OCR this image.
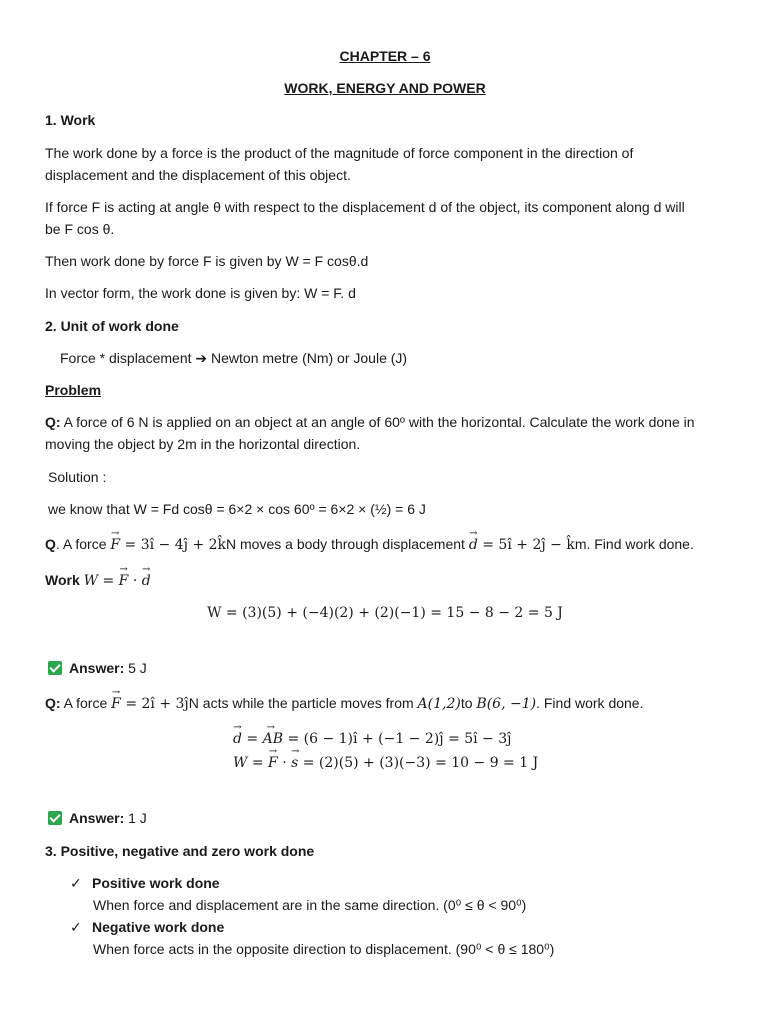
CHAPTER – 6
WORK, ENERGY AND POWER
1. Work
The work done by a force is the product of the magnitude of force component in the direction of
displacement and the displacement of this object.
If force F is acting at angle θ with respect to the displacement d of the object, its component along d will
be F cos θ.
Then work done by force F is given by W = F cosθ.d
In vector form, the work done is given by: W = F. d
2. Unit of work done
Force * displacement ➔ Newton metre (Nm) or Joule (J)
Problem
Q: A force of 6 N is applied on an object at an angle of 60º with the horizontal. Calculate the work done in
moving the object by 2m in the horizontal direction.
Solution :
we know that W = Fd cosθ = 6×2 × cos 60º = 6×2 × (½) = 6 J
Q. A force → F = 3î − 4ĵ + 2k̂N moves a body through displacement → d = 5î + 2ĵ − k̂m. Find work done.
Work W = → F · → d
W = (3)(5) + (−4)(2) + (2)(−1) = 15 − 8 − 2 = 5 J
Answer: 5 J
Q: A force → F = 2î + 3ĵN acts while the particle moves from A(1,2)to B(6, −1). Find work done.
→ d = → AB = (6 − 1)î + (−1 − 2)ĵ = 5î − 3ĵ
W = → F · → s = (2)(5) + (3)(−3) = 10 − 9 = 1 J
Answer: 1 J
3. Positive, negative and zero work done
✓ Positive work done
When force and displacement are in the same direction. (0⁰ ≤ θ < 90⁰)
✓ Negative work done
When force acts in the opposite direction to displacement. (90⁰ < θ ≤ 180⁰)
